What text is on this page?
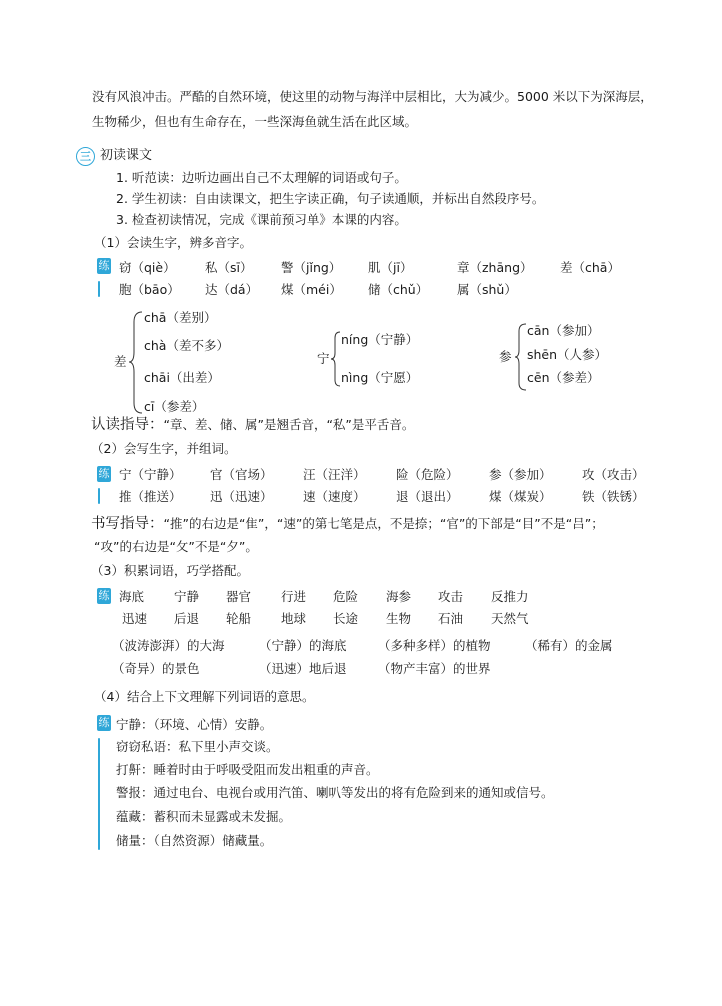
没有风浪冲击。严酷的自然环境，使这里的动物与海洋中层相比，大为减少。5000 米以下为深海层，
生物稀少，但也有生命存在，一些深海鱼就生活在此区域。
三 初读课文
1. 听范读：边听边画出自己不太理解的词语或句子。
2. 学生初读：自由读课文，把生字读正确，句子读通顺，并标出自然段序号。
3. 检查初读情况，完成《课前预习单》本课的内容。
（1）会读生字，辨多音字。
练 窃（qiè） 私（sī） 警（jǐng） 肌（jī）	章（zhāng） 差（chā）
胞（bāo） 达（dá） 煤（méi） 储（chǔ） 属（shǔ）
差
chā（差别）
chà（差不多）
chāi（出差）
cī（参差）
宁
níng（宁静）
nìng（宁愿）
参
cān（参加）
shēn（人参）
cēn（参差）
认读指导：“章、差、储、属”是翘舌音，“私”是平舌音。
（2）会写生字，并组词。
练 宁（宁静） 官（官场） 汪（汪洋） 险（危险） 参（参加） 攻（攻击）
推（推送） 迅（迅速） 速（速度） 退（退出） 煤（煤炭） 铁（铁锈）
书写指导：“推”的右边是“隹”，“速”的第七笔是点，不是捺；“官”的下部是“目”不是“吕”；
“攻”的右边是“攵”不是“夕”。
（3）积累词语，巧学搭配。
练 海底 宁静 器官 行进 危险 海参 攻击 反推力
迅速 后退 轮船 地球 长途 生物 石油 天然气
（波涛澎湃）的大海	（宁静）的海底	（多种多样）的植物	（稀有）的金属
（奇异）的景色	（迅速）地后退	（物产丰富）的世界
（4）结合上下文理解下列词语的意思。
练 宁静：（环境、心情）安静。
窃窃私语：私下里小声交谈。
打鼾：睡着时由于呼吸受阻而发出粗重的声音。
警报：通过电台、电视台或用汽笛、喇叭等发出的将有危险到来的通知或信号。
蕴藏：蓄积而未显露或未发掘。
储量：（自然资源）储藏量。
